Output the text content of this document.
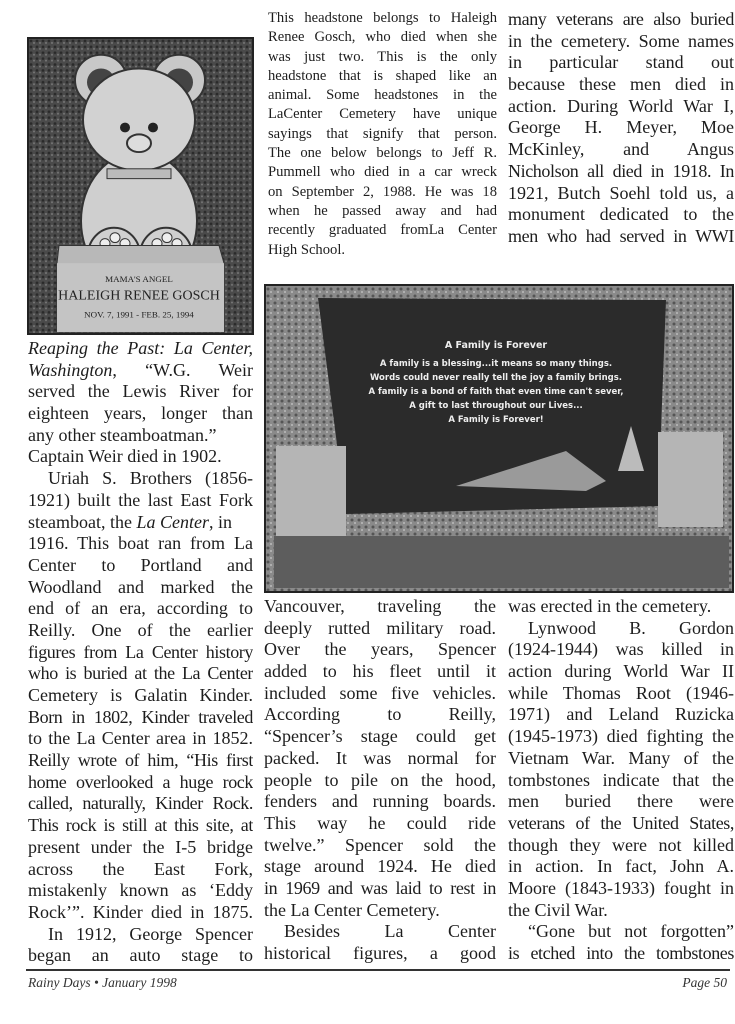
MAMA'S ANGEL
HALEIGH RENEE GOSCH
NOV. 7, 1991 - FEB. 25, 1994
This headstone belongs to Haleigh
Renee Gosch, who died when she
was just two. This is the only
headstone that is shaped like an
animal. Some headstones in the
LaCenter Cemetery have unique
sayings that signify that person.
The one below belongs to Jeff R.
Pummell who died in a car wreck
on September 2, 1988. He was 18
when he passed away and had
recently graduated fromLa Center
High School.
many veterans are also buried
in the cemetery. Some names
in particular stand out
because these men died in
action. During World War I,
George H. Meyer, Moe
McKinley, and Angus
Nicholson all died in 1918. In
1921, Butch Soehl told us, a
monument dedicated to the
men who had served in WWI
A Family is Forever
A family is a blessing...it means so many things.
Words could never really tell the joy a family brings.
A family is a bond of faith that even time can't sever,
A gift to last throughout our Lives...
A Family is Forever!
Reaping the Past: La Center,
Washington, “W.G. Weir
served the Lewis River for
eighteen years, longer than
any other steamboatman.”
Captain Weir died in 1902.
Uriah S. Brothers (1856-
1921) built the last East Fork
steamboat, the La Center, in
1916. This boat ran from La
Center to Portland and
Woodland and marked the
end of an era, according to
Reilly. One of the earlier
figures from La Center history
who is buried at the La Center
Cemetery is Galatin Kinder.
Born in 1802, Kinder traveled
to the La Center area in 1852.
Reilly wrote of him, “His first
home overlooked a huge rock
called, naturally, Kinder Rock.
This rock is still at this site, at
present under the I-5 bridge
across the East Fork,
mistakenly known as ‘Eddy
Rock’”. Kinder died in 1875.
In 1912, George Spencer
began an auto stage to
Vancouver, traveling the
deeply rutted military road.
Over the years, Spencer
added to his fleet until it
included some five vehicles.
According to Reilly,
“Spencer’s stage could get
packed. It was normal for
people to pile on the hood,
fenders and running boards.
This way he could ride
twelve.” Spencer sold the
stage around 1924. He died
in 1969 and was laid to rest in
the La Center Cemetery.
Besides La Center
historical figures, a good
was erected in the cemetery.
Lynwood B. Gordon
(1924-1944) was killed in
action during World War II
while Thomas Root (1946-
1971) and Leland Ruzicka
(1945-1973) died fighting the
Vietnam War. Many of the
tombstones indicate that the
men buried there were
veterans of the United States,
though they were not killed
in action. In fact, John A.
Moore (1843-1933) fought in
the Civil War.
“Gone but not forgotten”
is etched into the tombstones
Rainy Days • January 1998	Page 50
